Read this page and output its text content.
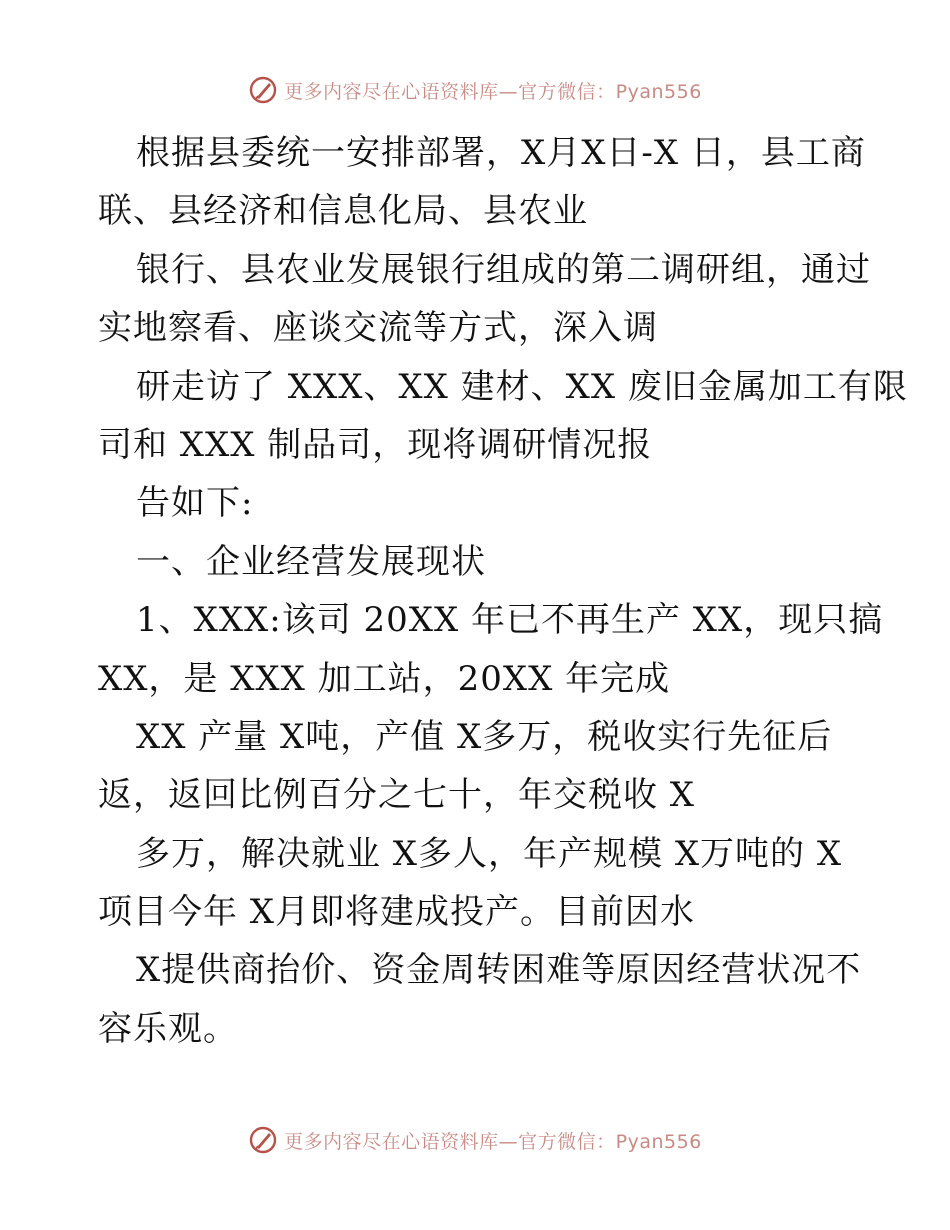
更多内容尽在心语资料库—官方微信：Pyan556
根据县委统一安排部署，X月X日-X 日，县工商
联、县经济和信息化局、县农业
银行、县农业发展银行组成的第二调研组，通过
实地察看、座谈交流等方式，深入调
研走访了 XXX、XX 建材、XX 废旧金属加工有限
司和 XXX 制品司，现将调研情况报
告如下:
一、企业经营发展现状
1、XXX:该司 20XX 年已不再生产 XX，现只搞
XX，是 XXX 加工站，20XX 年完成
XX 产量 X吨，产值 X多万，税收实行先征后
返，返回比例百分之七十，年交税收 X
多万，解决就业 X多人，年产规模 X万吨的 X
项目今年 X月即将建成投产。目前因水
X提供商抬价、资金周转困难等原因经营状况不
容乐观。
更多内容尽在心语资料库—官方微信：Pyan556
